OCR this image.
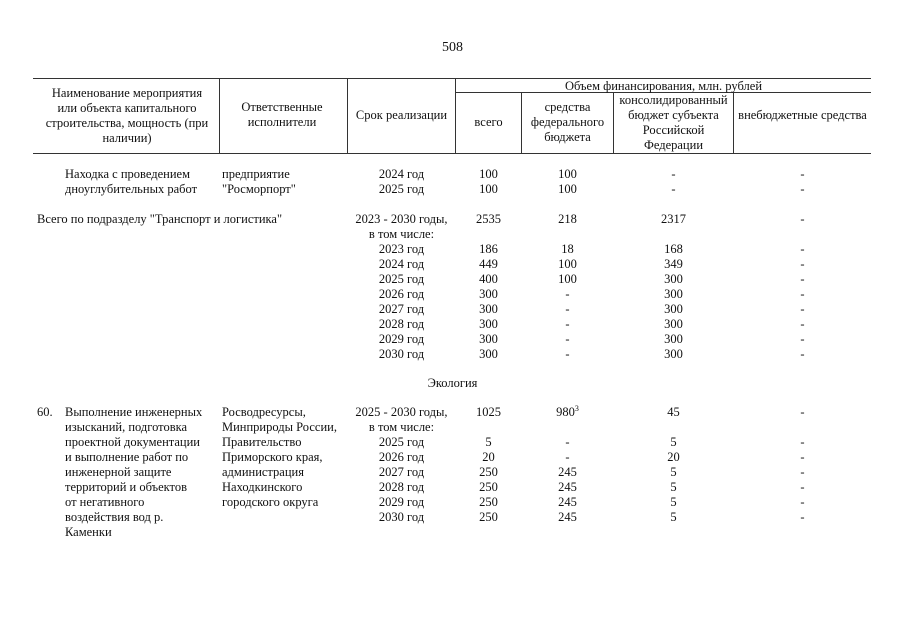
508
Наименование мероприятия или объекта капитального строительства, мощность (при наличии)
Ответственные исполнители	Срок реализации
Объем финансирования, млн. рублей
всего
средства федерального бюджета
консолидированный бюджет субъекта Российской Федерации
внебюджетные средства
Находка с проведением
дноуглубительных работ
предприятие
"Росморпорт"
2024 год
2025 год
100
100
100
100
-
-
-
-
Всего по подразделу "Транспорт и логистика"	2023 - 2030 годы,
в том числе:
2023 год
2024 год
2025 год
2026 год
2027 год
2028 год
2029 год
2030 год
2535
186
449
400
300
300
300
300
300
218
18
100
100
-
-
-
-
-
2317
168
349
300
300
300
300
300
300
-
-
-
-
-
-
-
-
-
Экология
60. Выполнение инженерных
изысканий, подготовка
проектной документации
и выполнение работ по
инженерной защите
территорий и объектов
от негативного
воздействия вод р.
Каменки
Росводресурсы,
Минприроды России,
Правительство
Приморского края,
администрация
Находкинского
городского округа
2025 - 2030 годы,
в том числе:
2025 год
2026 год
2027 год
2028 год
2029 год
2030 год
1025
5
20
250
250
250
250
$980^3$
-
-
245
245
245
245
45
5
20
5
5
5
5
-
-
-
-
-
-
-
